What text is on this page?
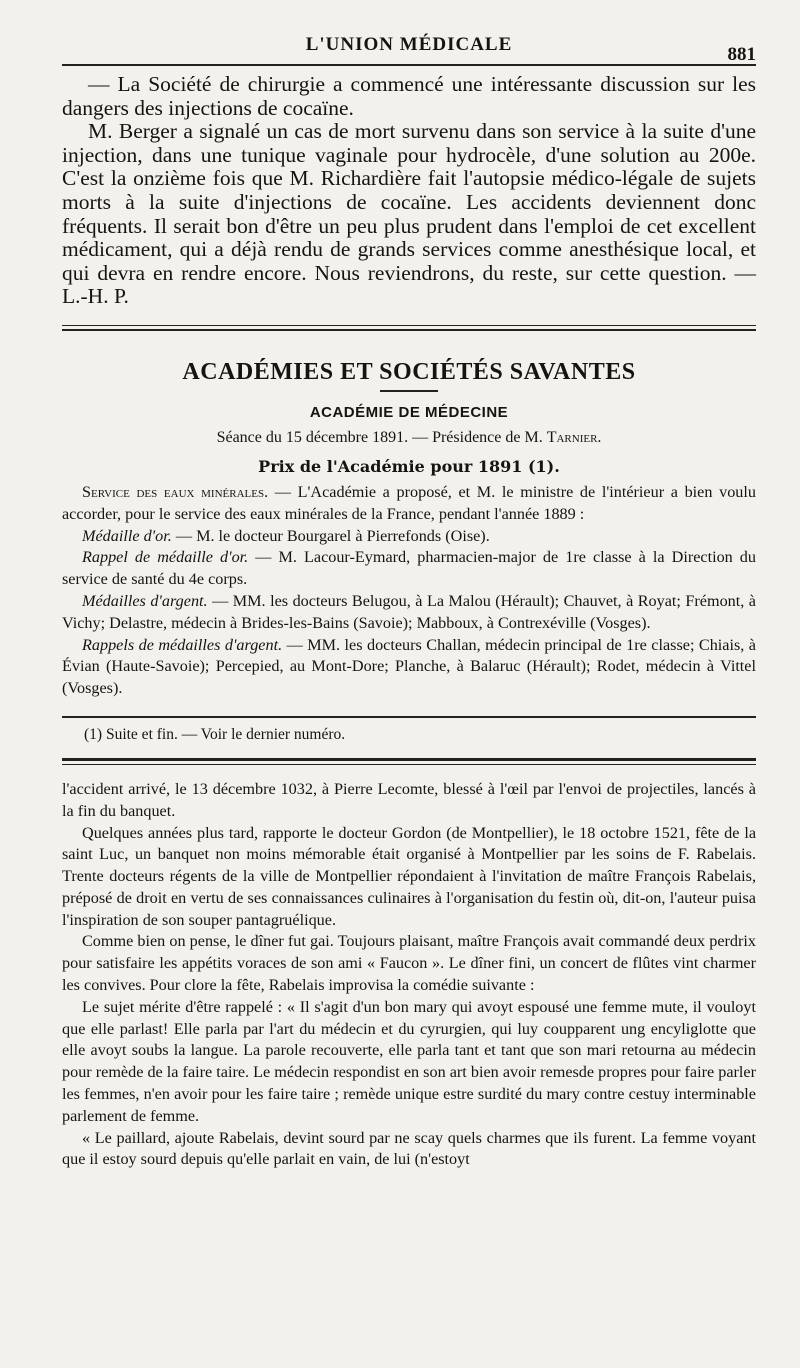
L'UNION MÉDICALE	881

— La Société de chirurgie a commencé une intéressante discussion sur les dangers des injections de cocaïne.

M. Berger a signalé un cas de mort survenu dans son service à la suite d'une injection, dans une tunique vaginale pour hydrocèle, d'une solution au 200e. C'est la onzième fois que M. Richardière fait l'autopsie médico-légale de sujets morts à la suite d'injections de cocaïne. Les accidents deviennent donc fréquents. Il serait bon d'être un peu plus prudent dans l'emploi de cet excellent médicament, qui a déjà rendu de grands services comme anesthésique local, et qui devra en rendre encore. Nous reviendrons, du reste, sur cette question. — L.-H. P.

ACADÉMIES ET SOCIÉTÉS SAVANTES
ACADÉMIE DE MÉDECINE
Séance du 15 décembre 1891. — Présidence de M. Tarnier.
Prix de l'Académie pour 1891 (1).

Service des eaux minérales. — L'Académie a proposé, et M. le ministre de l'intérieur a bien voulu accorder, pour le service des eaux minérales de la France, pendant l'année 1889 :

Médaille d'or. — M. le docteur Bourgarel à Pierrefonds (Oise).

Rappel de médaille d'or. — M. Lacour-Eymard, pharmacien-major de 1re classe à la Direction du service de santé du 4e corps.

Médailles d'argent. — MM. les docteurs Belugou, à La Malou (Hérault); Chauvet, à Royat; Frémont, à Vichy; Delastre, médecin à Brides-les-Bains (Savoie); Mabboux, à Contrexéville (Vosges).

Rappels de médailles d'argent. — MM. les docteurs Challan, médecin principal de 1re classe; Chiais, à Évian (Haute-Savoie); Percepied, au Mont-Dore; Planche, à Balaruc (Hérault); Rodet, médecin à Vittel (Vosges).

(1) Suite et fin. — Voir le dernier numéro.

l'accident arrivé, le 13 décembre 1032, à Pierre Lecomte, blessé à l'œil par l'envoi de projectiles, lancés à la fin du banquet.

Quelques années plus tard, rapporte le docteur Gordon (de Montpellier), le 18 octobre 1521, fête de la saint Luc, un banquet non moins mémorable était organisé à Montpellier par les soins de F. Rabelais. Trente docteurs régents de la ville de Montpellier répondaient à l'invitation de maître François Rabelais, préposé de droit en vertu de ses connaissances culinaires à l'organisation du festin où, dit-on, l'auteur puisa l'inspiration de son souper pantagruélique.

Comme bien on pense, le dîner fut gai. Toujours plaisant, maître François avait commandé deux perdrix pour satisfaire les appétits voraces de son ami « Faucon ». Le dîner fini, un concert de flûtes vint charmer les convives. Pour clore la fête, Rabelais improvisa la comédie suivante :

Le sujet mérite d'être rappelé : « Il s'agit d'un bon mary qui avoyt espousé une femme mute, il vouloyt que elle parlast! Elle parla par l'art du médecin et du cyrurgien, qui luy coupparent ung encyliglotte que elle avoyt soubs la langue. La parole recouverte, elle parla tant et tant que son mari retourna au médecin pour remède de la faire taire. Le médecin respondist en son art bien avoir remesde propres pour faire parler les femmes, n'en avoir pour les faire taire ; remède unique estre surdité du mary contre cestuy interminable parlement de femme.

« Le paillard, ajoute Rabelais, devint sourd par ne scay quels charmes que ils furent. La femme voyant que il estoy sourd depuis qu'elle parlait en vain, de lui (n'estoyt
